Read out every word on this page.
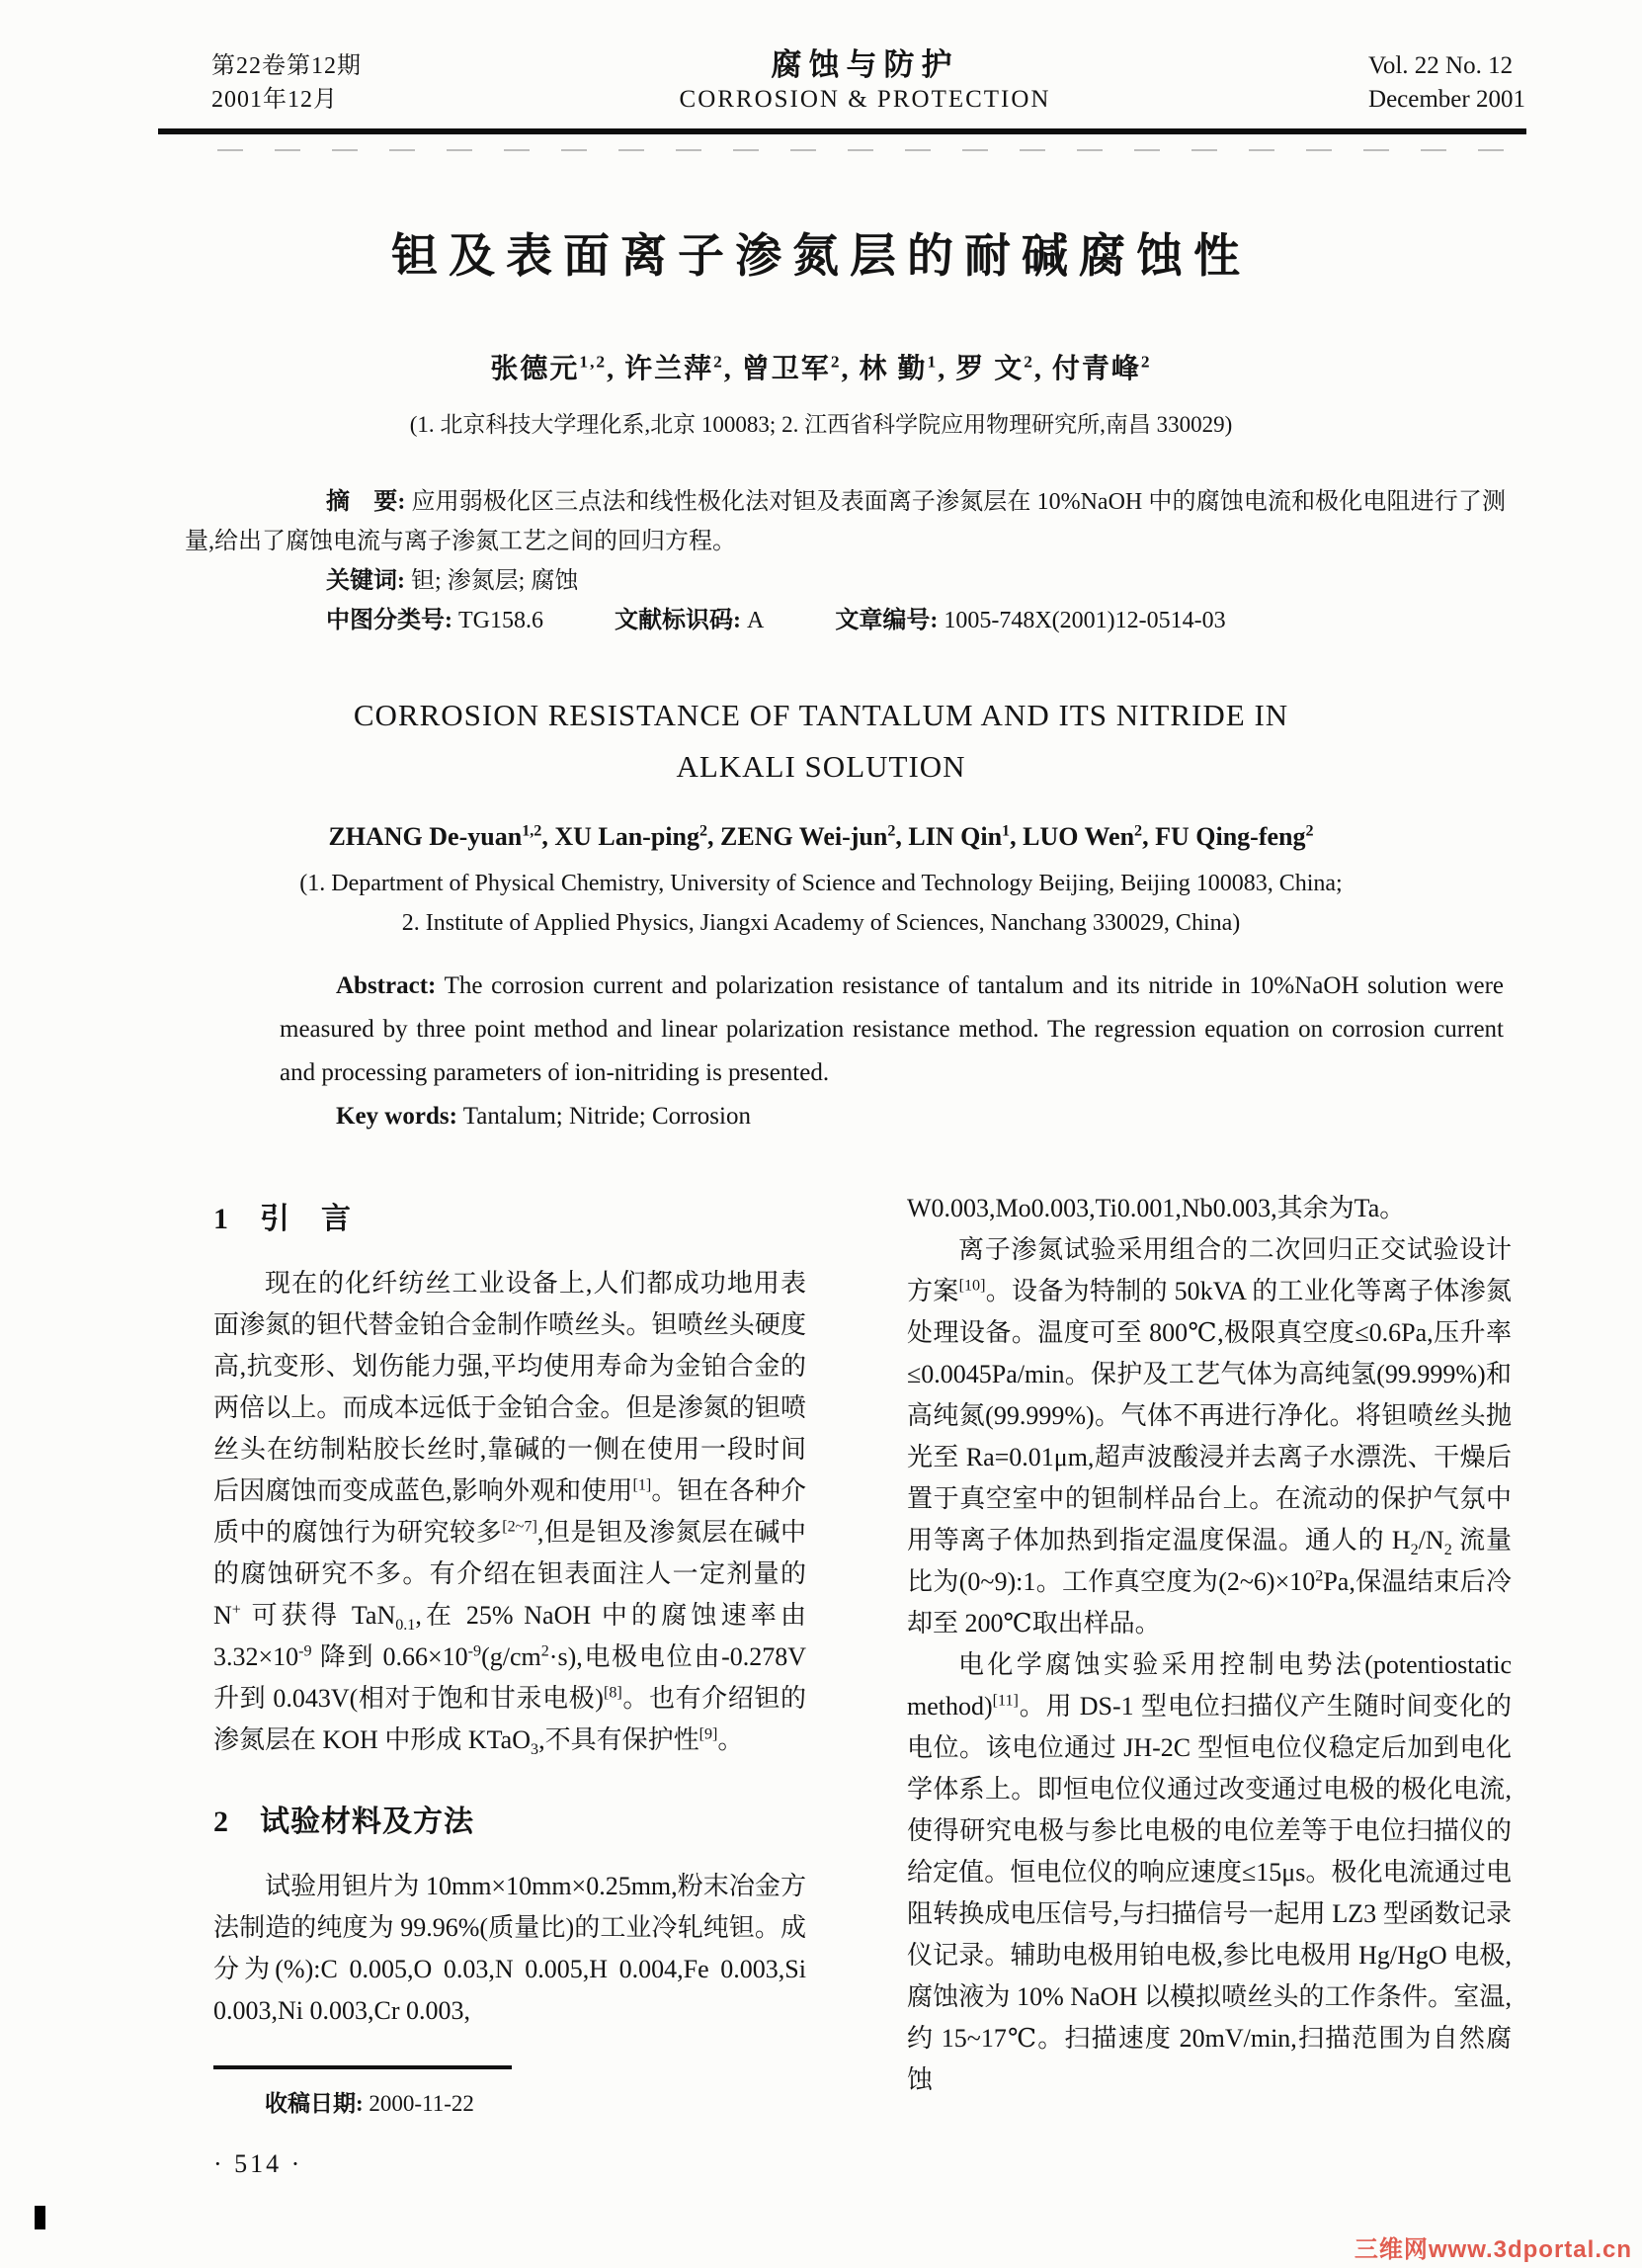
第22卷第12期
2001年12月
腐蚀与防护
CORROSION & PROTECTION
Vol. 22 No. 12
December 2001
钽及表面离子渗氮层的耐碱腐蚀性
张德元$^{1,2}$, 许兰萍$^2$, 曾卫军$^2$, 林 勤$^1$, 罗 文$^2$, 付青峰$^2$
(1. 北京科技大学理化系,北京 100083; 2. 江西省科学院应用物理研究所,南昌 330029)

摘　要: 应用弱极化区三点法和线性极化法对钽及表面离子渗氮层在 10%NaOH 中的腐蚀电流和极化电阻进行了测量,给出了腐蚀电流与离子渗氮工艺之间的回归方程。

关键词: 钽; 渗氮层; 腐蚀

中图分类号: TG158.6	文献标识码: A	文章编号: 1005-748X(2001)12-0514-03

CORROSION RESISTANCE OF TANTALUM AND ITS NITRIDE IN
ALKALI SOLUTION
ZHANG De-yuan$^{1,2}$, XU Lan-ping$^2$, ZENG Wei-jun$^2$, LIN Qin$^1$, LUO Wen$^2$, FU Qing-feng$^2$
(1. Department of Physical Chemistry, University of Science and Technology Beijing, Beijing 100083, China;
2. Institute of Applied Physics, Jiangxi Academy of Sciences, Nanchang 330029, China)

Abstract: The corrosion current and polarization resistance of tantalum and its nitride in 10%NaOH solution were measured by three point method and linear polarization resistance method. The regression equation on corrosion current and processing parameters of ion-nitriding is presented.

Key words: Tantalum; Nitride; Corrosion

1　引　言

现在的化纤纺丝工业设备上,人们都成功地用表面渗氮的钽代替金铂合金制作喷丝头。钽喷丝头硬度高,抗变形、划伤能力强,平均使用寿命为金铂合金的两倍以上。而成本远低于金铂合金。但是渗氮的钽喷丝头在纺制粘胶长丝时,靠碱的一侧在使用一段时间后因腐蚀而变成蓝色,影响外观和使用[1]。钽在各种介质中的腐蚀行为研究较多[2~7],但是钽及渗氮层在碱中的腐蚀研究不多。有介绍在钽表面注人一定剂量的 N+ 可获得 TaN$_{0.1}$,在 25% NaOH 中的腐蚀速率由 $3.32\times 10^{-9}$ 降到 $0.66\times 10^{-9}(g/cm^2\cdot s)$,电极电位由-0.278V 升到 0.043V(相对于饱和甘汞电极)[8]。也有介绍钽的渗氮层在 KOH 中形成 KTaO$_3$,不具有保护性[9]。

2　试验材料及方法

试验用钽片为 10mm×10mm×0.25mm,粉末冶金方法制造的纯度为 99.96%(质量比)的工业冷轧纯钽。成分为(%):C 0.005,O 0.03,N 0.005,H 0.004,Fe 0.003,Si 0.003,Ni 0.003,Cr 0.003,

收稿日期: 2000-11-22

· 514 ·

W0.003,Mo0.003,Ti0.001,Nb0.003,其余为Ta。

离子渗氮试验采用组合的二次回归正交试验设计方案[10]。设备为特制的 50kVA 的工业化等离子体渗氮处理设备。温度可至 800℃,极限真空度≤0.6Pa,压升率≤0.0045Pa/min。保护及工艺气体为高纯氢(99.999%)和高纯氮(99.999%)。气体不再进行净化。将钽喷丝头抛光至 Ra=0.01μm,超声波酸浸并去离子水漂洗、干燥后置于真空室中的钽制样品台上。在流动的保护气氛中用等离子体加热到指定温度保温。通人的 $H_2/N_2$ 流量比为(0~9):1。工作真空度为$(2\sim 6)\times 10^2Pa$,保温结束后冷却至 200℃取出样品。

电化学腐蚀实验采用控制电势法(potentiostatic method)[11]。用 DS-1 型电位扫描仪产生随时间变化的电位。该电位通过 JH-2C 型恒电位仪稳定后加到电化学体系上。即恒电位仪通过改变通过电极的极化电流,使得研究电极与参比电极的电位差等于电位扫描仪的给定值。恒电位仪的响应速度≤15μs。极化电流通过电阻转换成电压信号,与扫描信号一起用 LZ3 型函数记录仪记录。辅助电极用铂电极,参比电极用 Hg/HgO 电极,腐蚀液为 10% NaOH 以模拟喷丝头的工作条件。室温,约 15~17℃。扫描速度 20mV/min,扫描范围为自然腐蚀

三维网www.3dportal.cn
